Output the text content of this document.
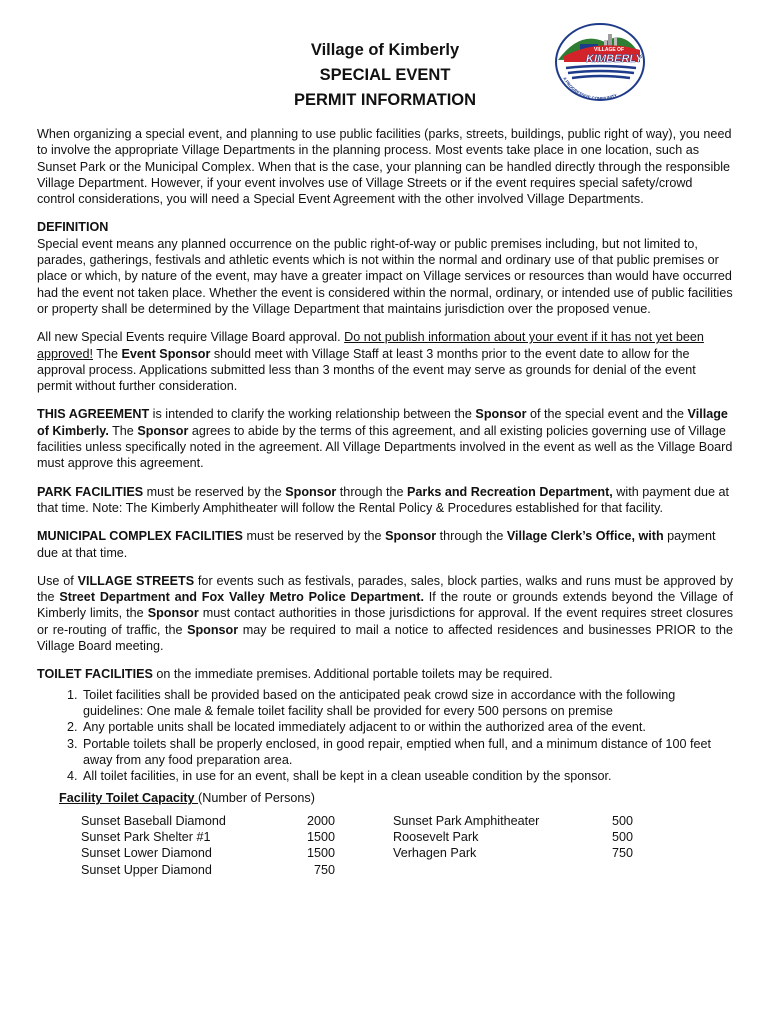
Village of Kimberly
SPECIAL EVENT
PERMIT INFORMATION
VILLAGE OF
KIMBERLY
A PROGRESSIVE COMMUNITY

When organizing a special event, and planning to use public facilities (parks, streets, buildings, public right of way), you need to involve the appropriate Village Departments in the planning process. Most events take place in one location, such as Sunset Park or the Municipal Complex. When that is the case, your planning can be handled directly through the responsible Village Department. However, if your event involves use of Village Streets or if the event requires special safety/crowd control considerations, you will need a Special Event Agreement with the other involved Village Departments.

DEFINITION
Special event means any planned occurrence on the public right-of-way or public premises including, but not limited to, parades, gatherings, festivals and athletic events which is not within the normal and ordinary use of that public premises or place or which, by nature of the event, may have a greater impact on Village services or resources than would have occurred had the event not taken place. Whether the event is considered within the normal, ordinary, or intended use of public facilities or property shall be determined by the Village Department that maintains jurisdiction over the proposed venue.

All new Special Events require Village Board approval. Do not publish information about your event if it has not yet been approved! The Event Sponsor should meet with Village Staff at least 3 months prior to the event date to allow for the approval process. Applications submitted less than 3 months of the event may serve as grounds for denial of the event permit without further consideration.

THIS AGREEMENT is intended to clarify the working relationship between the Sponsor of the special event and the Village of Kimberly. The Sponsor agrees to abide by the terms of this agreement, and all existing policies governing use of Village facilities unless specifically noted in the agreement. All Village Departments involved in the event as well as the Village Board must approve this agreement.

PARK FACILITIES must be reserved by the Sponsor through the Parks and Recreation Department, with payment due at that time. Note: The Kimberly Amphitheater will follow the Rental Policy & Procedures established for that facility.

MUNICIPAL COMPLEX FACILITIES must be reserved by the Sponsor through the Village Clerk’s Office, with payment due at that time.

Use of VILLAGE STREETS for events such as festivals, parades, sales, block parties, walks and runs must be approved by the Street Department and Fox Valley Metro Police Department. If the route or grounds extends beyond the Village of Kimberly limits, the Sponsor must contact authorities in those jurisdictions for approval. If the event requires street closures or re-routing of traffic, the Sponsor may be required to mail a notice to affected residences and businesses PRIOR to the Village Board meeting.

TOILET FACILITIES on the immediate premises. Additional portable toilets may be required.

1. Toilet facilities shall be provided based on the anticipated peak crowd size in accordance with the following guidelines: One male & female toilet facility shall be provided for every 500 persons on premise
2. Any portable units shall be located immediately adjacent to or within the authorized area of the event.
3. Portable toilets shall be properly enclosed, in good repair, emptied when full, and a minimum distance of 100 feet away from any food preparation area.
4. All toilet facilities, in use for an event, shall be kept in a clean useable condition by the sponsor.
Facility Toilet Capacity (Number of Persons)
Sunset Baseball Diamond	2000		Sunset Park Amphitheater	500
Sunset Park Shelter #1	1500		Roosevelt Park	500
Sunset Lower Diamond	1500		Verhagen Park	750
Sunset Upper Diamond	750			
